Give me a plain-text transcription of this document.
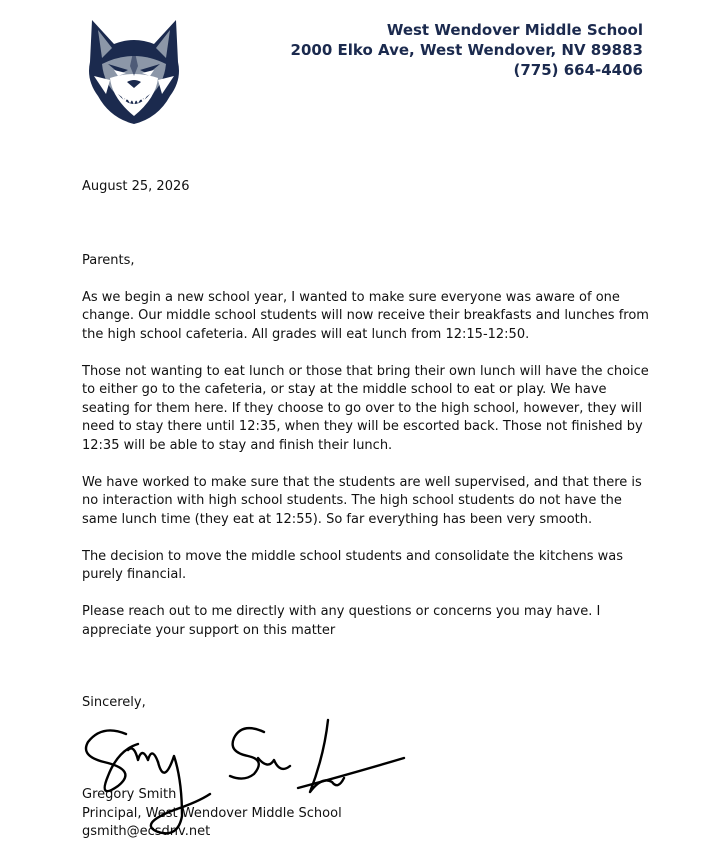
West Wendover Middle School
2000 Elko Ave, West Wendover, NV 89883
(775) 664-4406

August 25, 2026

Parents,

As we begin a new school year, I wanted to make sure everyone was aware of one change. Our middle school students will now receive their breakfasts and lunches from the high school cafeteria. All grades will eat lunch from 12:15-12:50.

Those not wanting to eat lunch or those that bring their own lunch will have the choice to either go to the cafeteria, or stay at the middle school to eat or play. We have seating for them here. If they choose to go over to the high school, however, they will need to stay there until 12:35, when they will be escorted back. Those not finished by 12:35 will be able to stay and finish their lunch.

We have worked to make sure that the students are well supervised, and that there is no interaction with high school students. The high school students do not have the same lunch time (they eat at 12:55). So far everything has been very smooth.

The decision to move the middle school students and consolidate the kitchens was purely financial.

Please reach out to me directly with any questions or concerns you may have. I appreciate your support on this matter

Sincerely,
Gregory Smith
Principal, West Wendover Middle School
gsmith@ecsdnv.net
